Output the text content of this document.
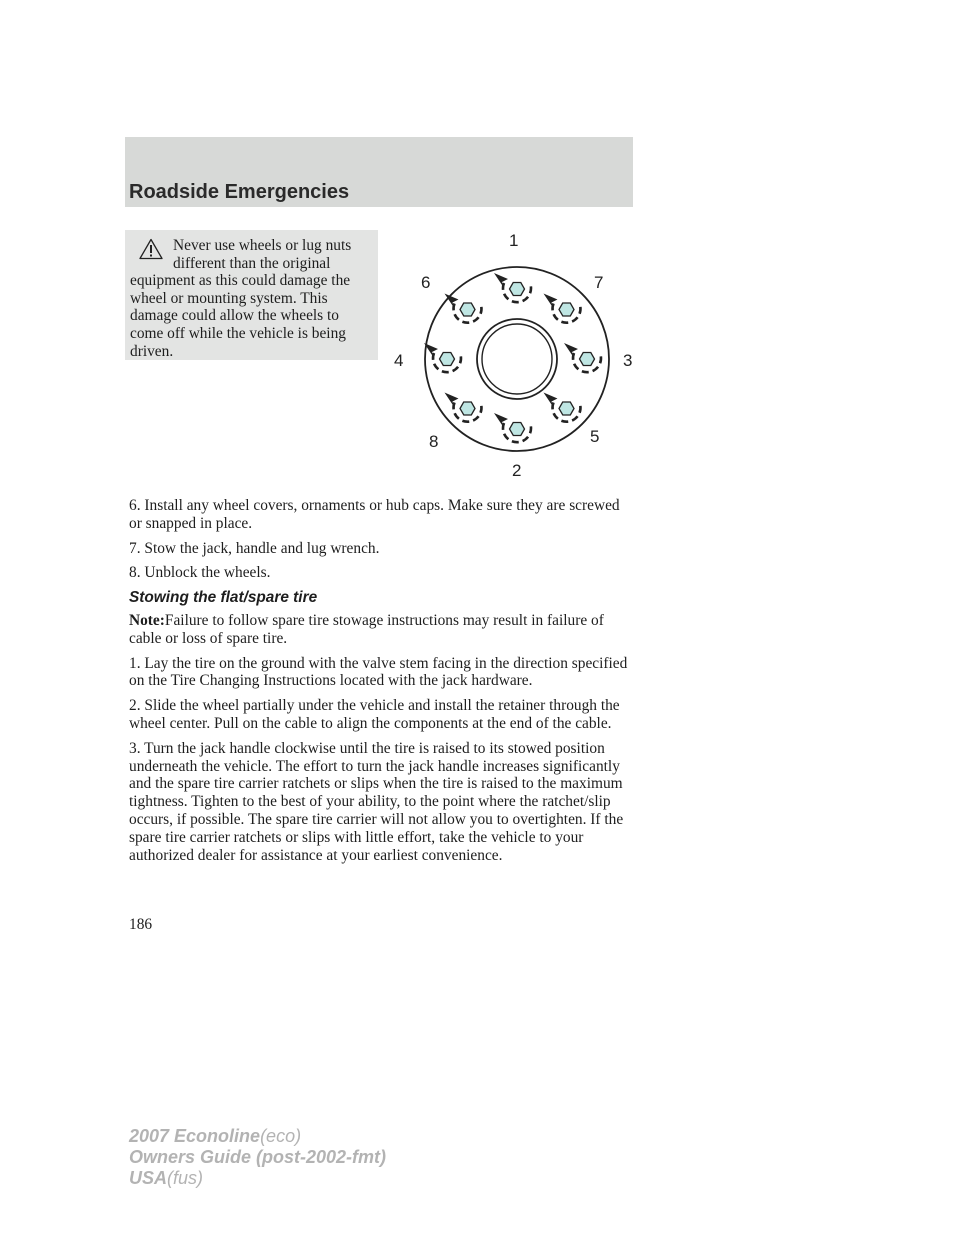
Roadside Emergencies

Never use wheels or lug nuts different than the original equipment as this could damage the wheel or mounting system. This damage could allow the wheels to come off while the vehicle is being driven.

1
2
3
4
5
6	7
8

6. Install any wheel covers, ornaments or hub caps. Make sure they are screwed or snapped in place.

7. Stow the jack, handle and lug wrench.

8. Unblock the wheels.

Stowing the flat/spare tire

Note:Failure to follow spare tire stowage instructions may result in failure of cable or loss of spare tire.

1. Lay the tire on the ground with the valve stem facing in the direction specified on the Tire Changing Instructions located with the jack hardware.

2. Slide the wheel partially under the vehicle and install the retainer through the wheel center. Pull on the cable to align the components at the end of the cable.

3. Turn the jack handle clockwise until the tire is raised to its stowed position underneath the vehicle. The effort to turn the jack handle increases significantly and the spare tire carrier ratchets or slips when the tire is raised to the maximum tightness. Tighten to the best of your ability, to the point where the ratchet/slip occurs, if possible. The spare tire carrier will not allow you to overtighten. If the spare tire carrier ratchets or slips with little effort, take the vehicle to your authorized dealer for assistance at your earliest convenience.

186

2007 Econoline(eco)
Owners Guide (post-2002-fmt)
USA(fus)
